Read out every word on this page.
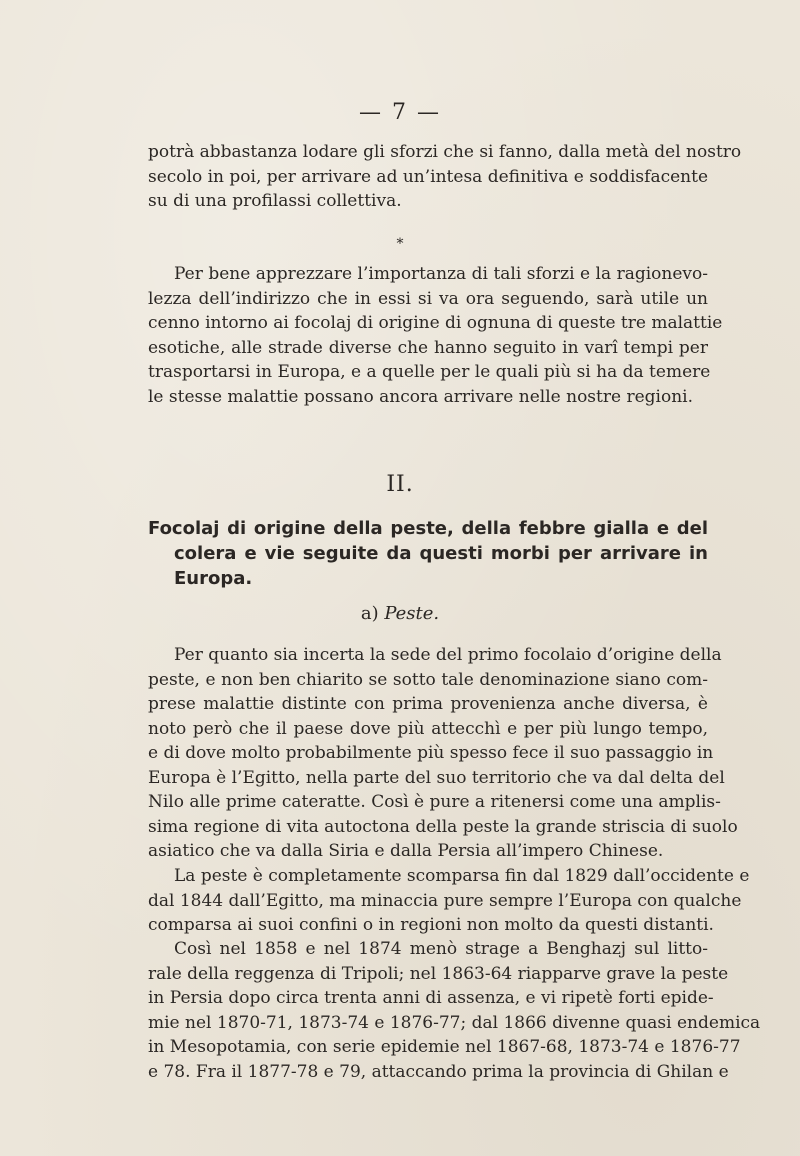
— 7 —

potrà abbastanza lodare gli sforzi che si fanno, dalla metà del nostro

secolo in poi, per arrivare ad un’intesa definitiva e soddisfacente

su di una profilassi collettiva.

*

Per bene apprezzare l’importanza di tali sforzi e la ragionevo-

lezza dell’indirizzo che in essi si va ora seguendo, sarà utile un

cenno intorno ai focolaj di origine di ognuna di queste tre malattie

esotiche, alle strade diverse che hanno seguito in varî tempi per

trasportarsi in Europa, e a quelle per le quali più si ha da temere

le stesse malattie possano ancora arrivare nelle nostre regioni.

II.

Focolaj di origine della peste, della febbre gialla e del

colera e vie seguite da questi morbi per arrivare in

Europa.

a) Peste.

Per quanto sia incerta la sede del primo focolaio d’origine della

peste, e non ben chiarito se sotto tale denominazione siano com-

prese malattie distinte con prima provenienza anche diversa, è

noto però che il paese dove più attecchì e per più lungo tempo,

e di dove molto probabilmente più spesso fece il suo passaggio in

Europa è l’Egitto, nella parte del suo territorio che va dal delta del

Nilo alle prime cateratte. Così è pure a ritenersi come una amplis-

sima regione di vita autoctona della peste la grande striscia di suolo

asiatico che va dalla Siria e dalla Persia all’impero Chinese.

La peste è completamente scomparsa fin dal 1829 dall’occidente e

dal 1844 dall’Egitto, ma minaccia pure sempre l’Europa con qualche

comparsa ai suoi confini o in regioni non molto da questi distanti.

Così nel 1858 e nel 1874 menò strage a Benghazj sul litto-

rale della reggenza di Tripoli; nel 1863-64 riapparve grave la peste

in Persia dopo circa trenta anni di assenza, e vi ripetè forti epide-

mie nel 1870-71, 1873-74 e 1876-77; dal 1866 divenne quasi endemica

in Mesopotamia, con serie epidemie nel 1867-68, 1873-74 e 1876-77

e 78. Fra il 1877-78 e 79, attaccando prima la provincia di Ghilan e
